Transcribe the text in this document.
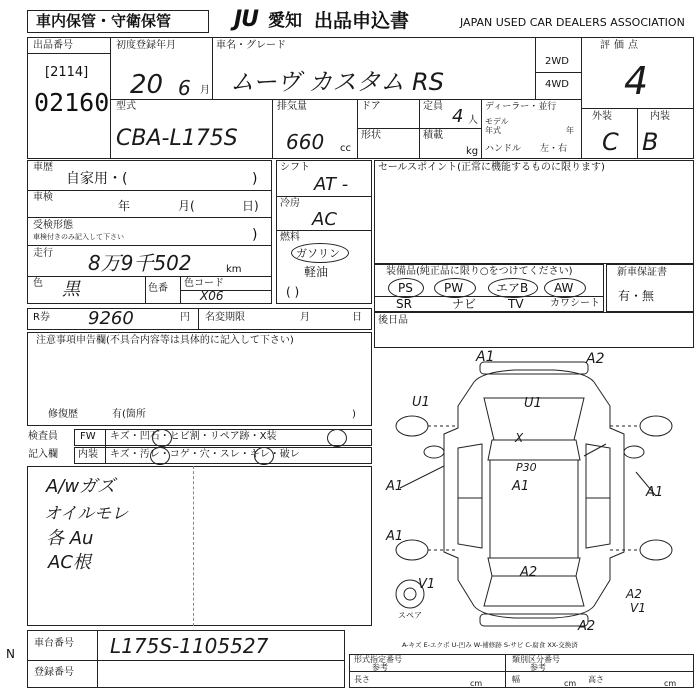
車内保管・守衛保管	JU 愛知 出品申込書	JAPAN USED CAR DEALERS ASSOCIATION
出品番号
[2114]
02160
初度登録年月
20 6 月
車名・グレード
ムーヴ カスタム RS
2WD
4WD
評価点
4
外装	内装
C B
型式
CBA-L175S
排気量
660 cc
ドア	定員 4 人
形状	積載
kg
ディーラー・並行
モデル
年式	年
ハンドル 左・右
車歴
自家用・(	)
車検
年	月(	日)
受検形態
車検付きのみ記入して下さい	)
走行 8万9千502	km
色 黒	色番 色コード
X06
シフト
AT -
冷房
AC
燃料
ガソリン
軽油
( )
セールスポイント(正常に機能するものに限ります)
装備品(純正品に限り○をつけてください)
PS	PW	エアB AW
SR	ナビ	TV	カワシート
新車保証書
有・無
R券 9260	円 名変期限	月	日
注意事項申告欄(不具合内容等は具体的に記入して下さい)
修復歴	有(箇所	)
後日品
検査員
記入欄
FW キズ・凹石・ヒビ割・リペア跡・X装
内装 キズ・汚レ・コゲ・穴・スレ・キレ・破レ
A/wガズ
オイルモレ
各 Au
AC根
A1	A2
U1	U1
X
P30
A1
A1	A1
A2
A1
V1
A2
A2
V1
スペア
A-キズ E-エクボ U-凹み W-補修跡 S-サビ C-腐食 XX-交換済
N
車台番号 L175S-1105527
登録番号
形式指定番号
参考
類別区分番号
参考
長さ	cm	幅	cm 高さ	cm
